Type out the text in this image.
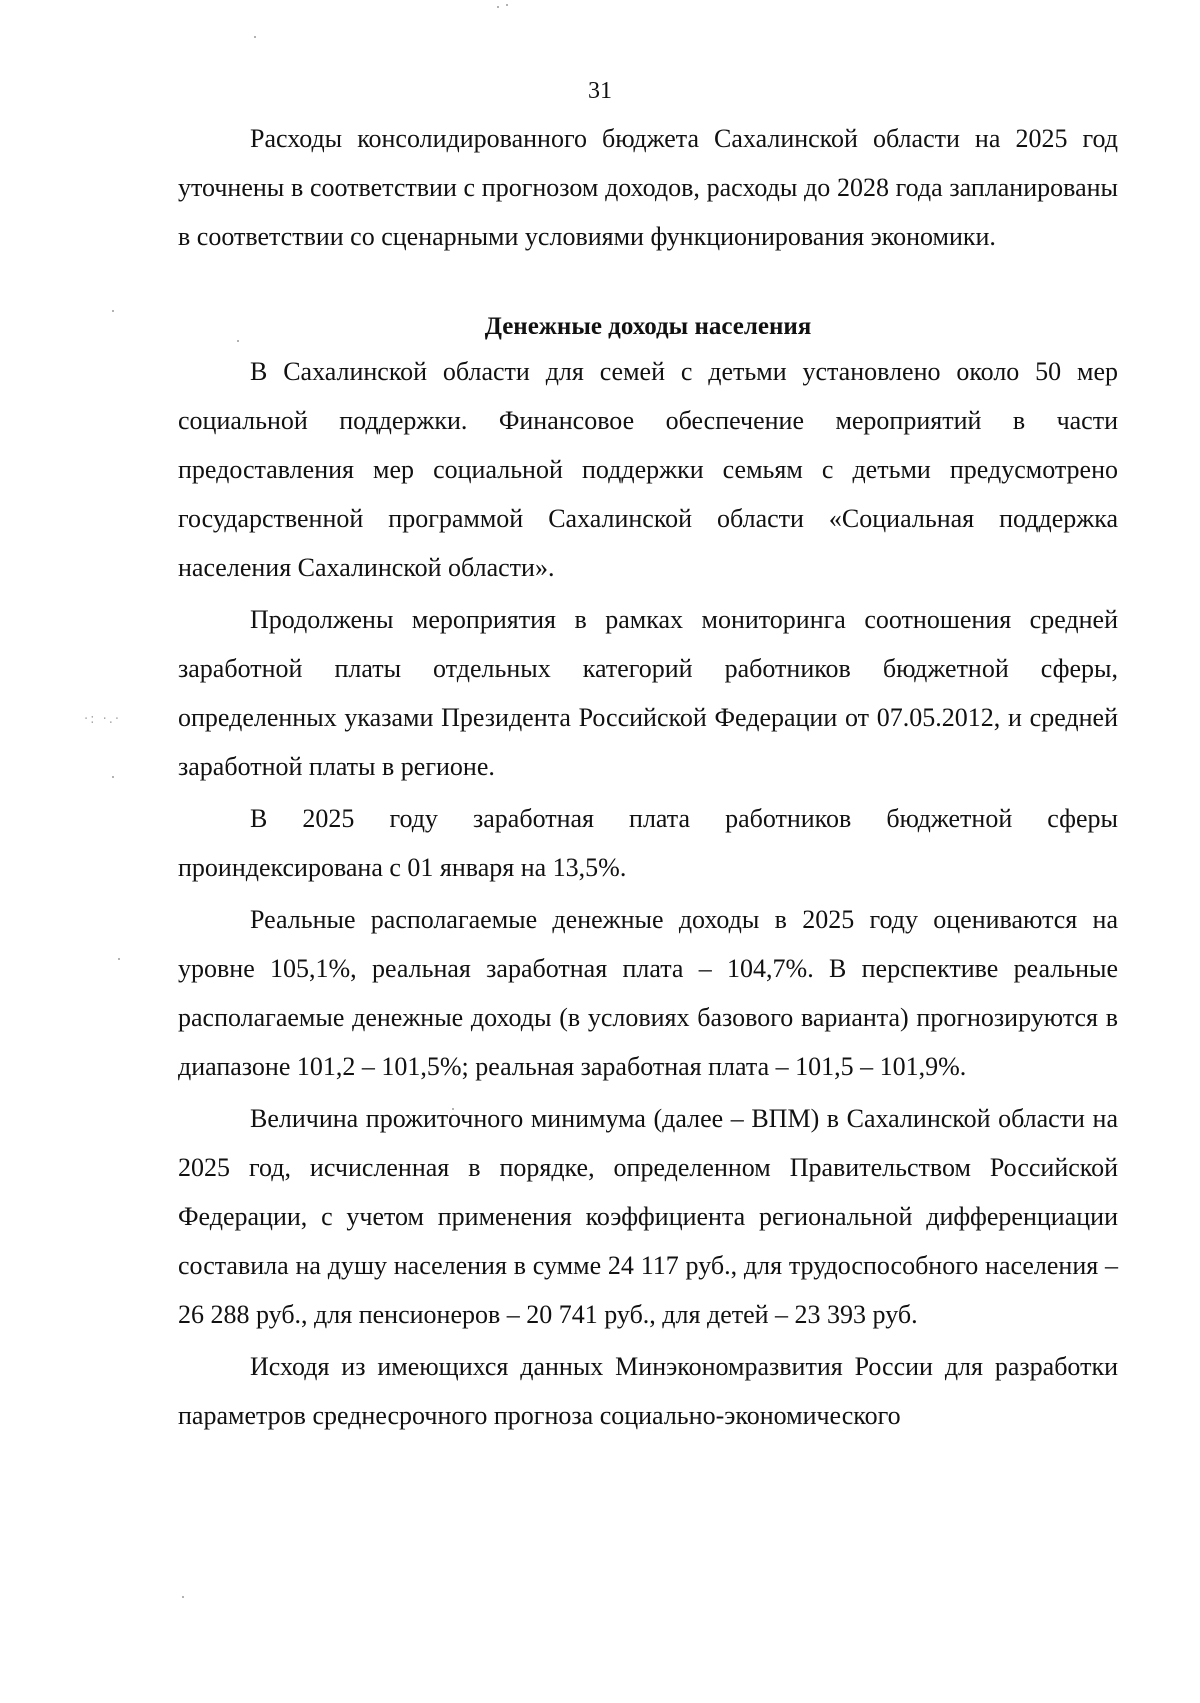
·: ·.·
31

Расходы консолидированного бюджета Сахалинской области на 2025 год уточнены в соответствии с прогнозом доходов, расходы до 2028 года запланированы в соответствии со сценарными условиями функционирования экономики.

Денежные доходы населения

В Сахалинской области для семей с детьми установлено около 50 мер социальной поддержки. Финансовое обеспечение мероприятий в части предоставления мер социальной поддержки семьям с детьми предусмотрено государственной программой Сахалинской области «Социальная поддержка населения Сахалинской области».

Продолжены мероприятия в рамках мониторинга соотношения средней заработной платы отдельных категорий работников бюджетной сферы, определенных указами Президента Российской Федерации от 07.05.2012, и средней заработной платы в регионе.

В 2025 году заработная плата работников бюджетной сферы проиндексирована с 01 января на 13,5%.

Реальные располагаемые денежные доходы в 2025 году оцениваются на уровне 105,1%, реальная заработная плата – 104,7%. В перспективе реальные располагаемые денежные доходы (в условиях базового варианта) прогнозируются в диапазоне 101,2 – 101,5%; реальная заработная плата – 101,5 – 101,9%.

Величина прожиточного минимума (далее – ВПМ) в Сахалинской области на 2025 год, исчисленная в порядке, определенном Правительством Российской Федерации, с учетом применения коэффициента региональной дифференциации составила на душу населения в сумме 24 117 руб., для трудоспособного населения – 26 288 руб., для пенсионеров – 20 741 руб., для детей – 23 393 руб.

Исходя из имеющихся данных Минэкономразвития России для разработки параметров среднесрочного прогноза социально-экономического
